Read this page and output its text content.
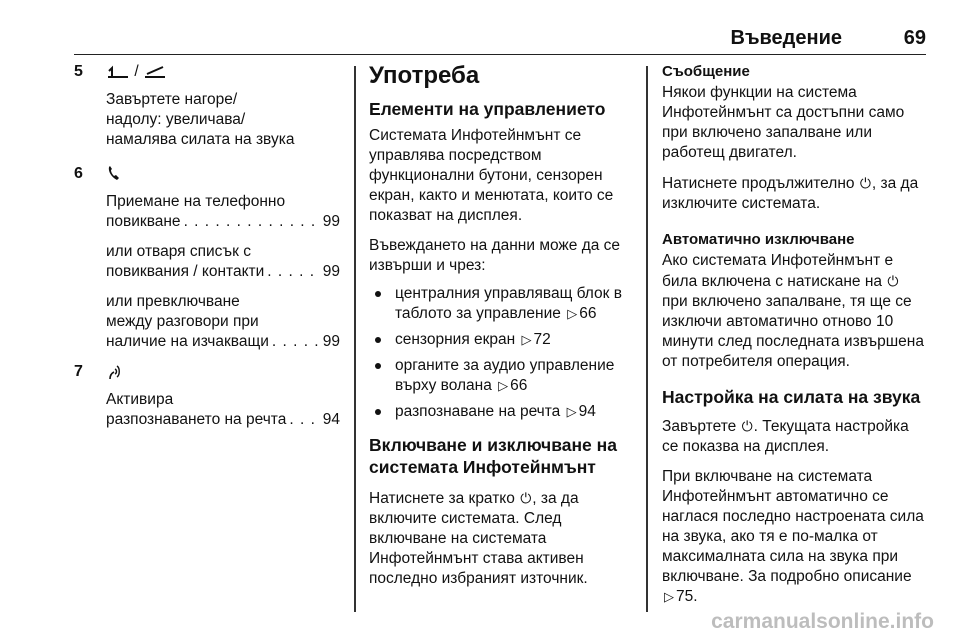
Въведение	69
5	/
Завъртете нагоре/
надолу: увеличава/
намалява силата на звука
6
Приемане на телефонно
повикване . . .	99
или отваря списък с
повиквания / контакти . . .	99
или превключване
между разговори при
наличие на изчакващи . . .	99
7
Активира
разпознаването на речта . . . 94
Употреба
Елементи на управлението

Системата Инфотейнмънт се управлява посредством функционални бутони, сензорен екран, както и менютата, които се показват на дисплея.

Въвеждането на данни може да се извърши и чрез:

централния управляващ блок в таблото за управление ▷ 66
сензорния екран ▷ 72
органите за аудио управление върху волана ▷ 66
разпознаване на речта ▷ 94
Включване и изключване на системата Инфотейнмънт

Натиснете за кратко ⏻, за да включите системата. След включване на системата Инфотейнмънт става активен последно избраният източник.

Съобщение
Някои функции на система Инфотейнмънт са достъпни само при включено запалване или работещ двигател.

Натиснете продължително ⏻, за да изключите системата.

Автоматично изключване

Ако системата Инфотейнмънт е била включена с натискане на ⏻ при включено запалване, тя ще се изключи автоматично отново 10 минути след последната извършена от потребителя операция.

Настройка на силата на звука

Завъртете ⏻. Текущата настройка се показва на дисплея.

При включване на системата Инфотейнмънт автоматично се наглася последно настроената сила на звука, ако тя е по-малка от максималната сила на звука при включване. За подробно описание ▷ 75.

carmanualsonline.info
